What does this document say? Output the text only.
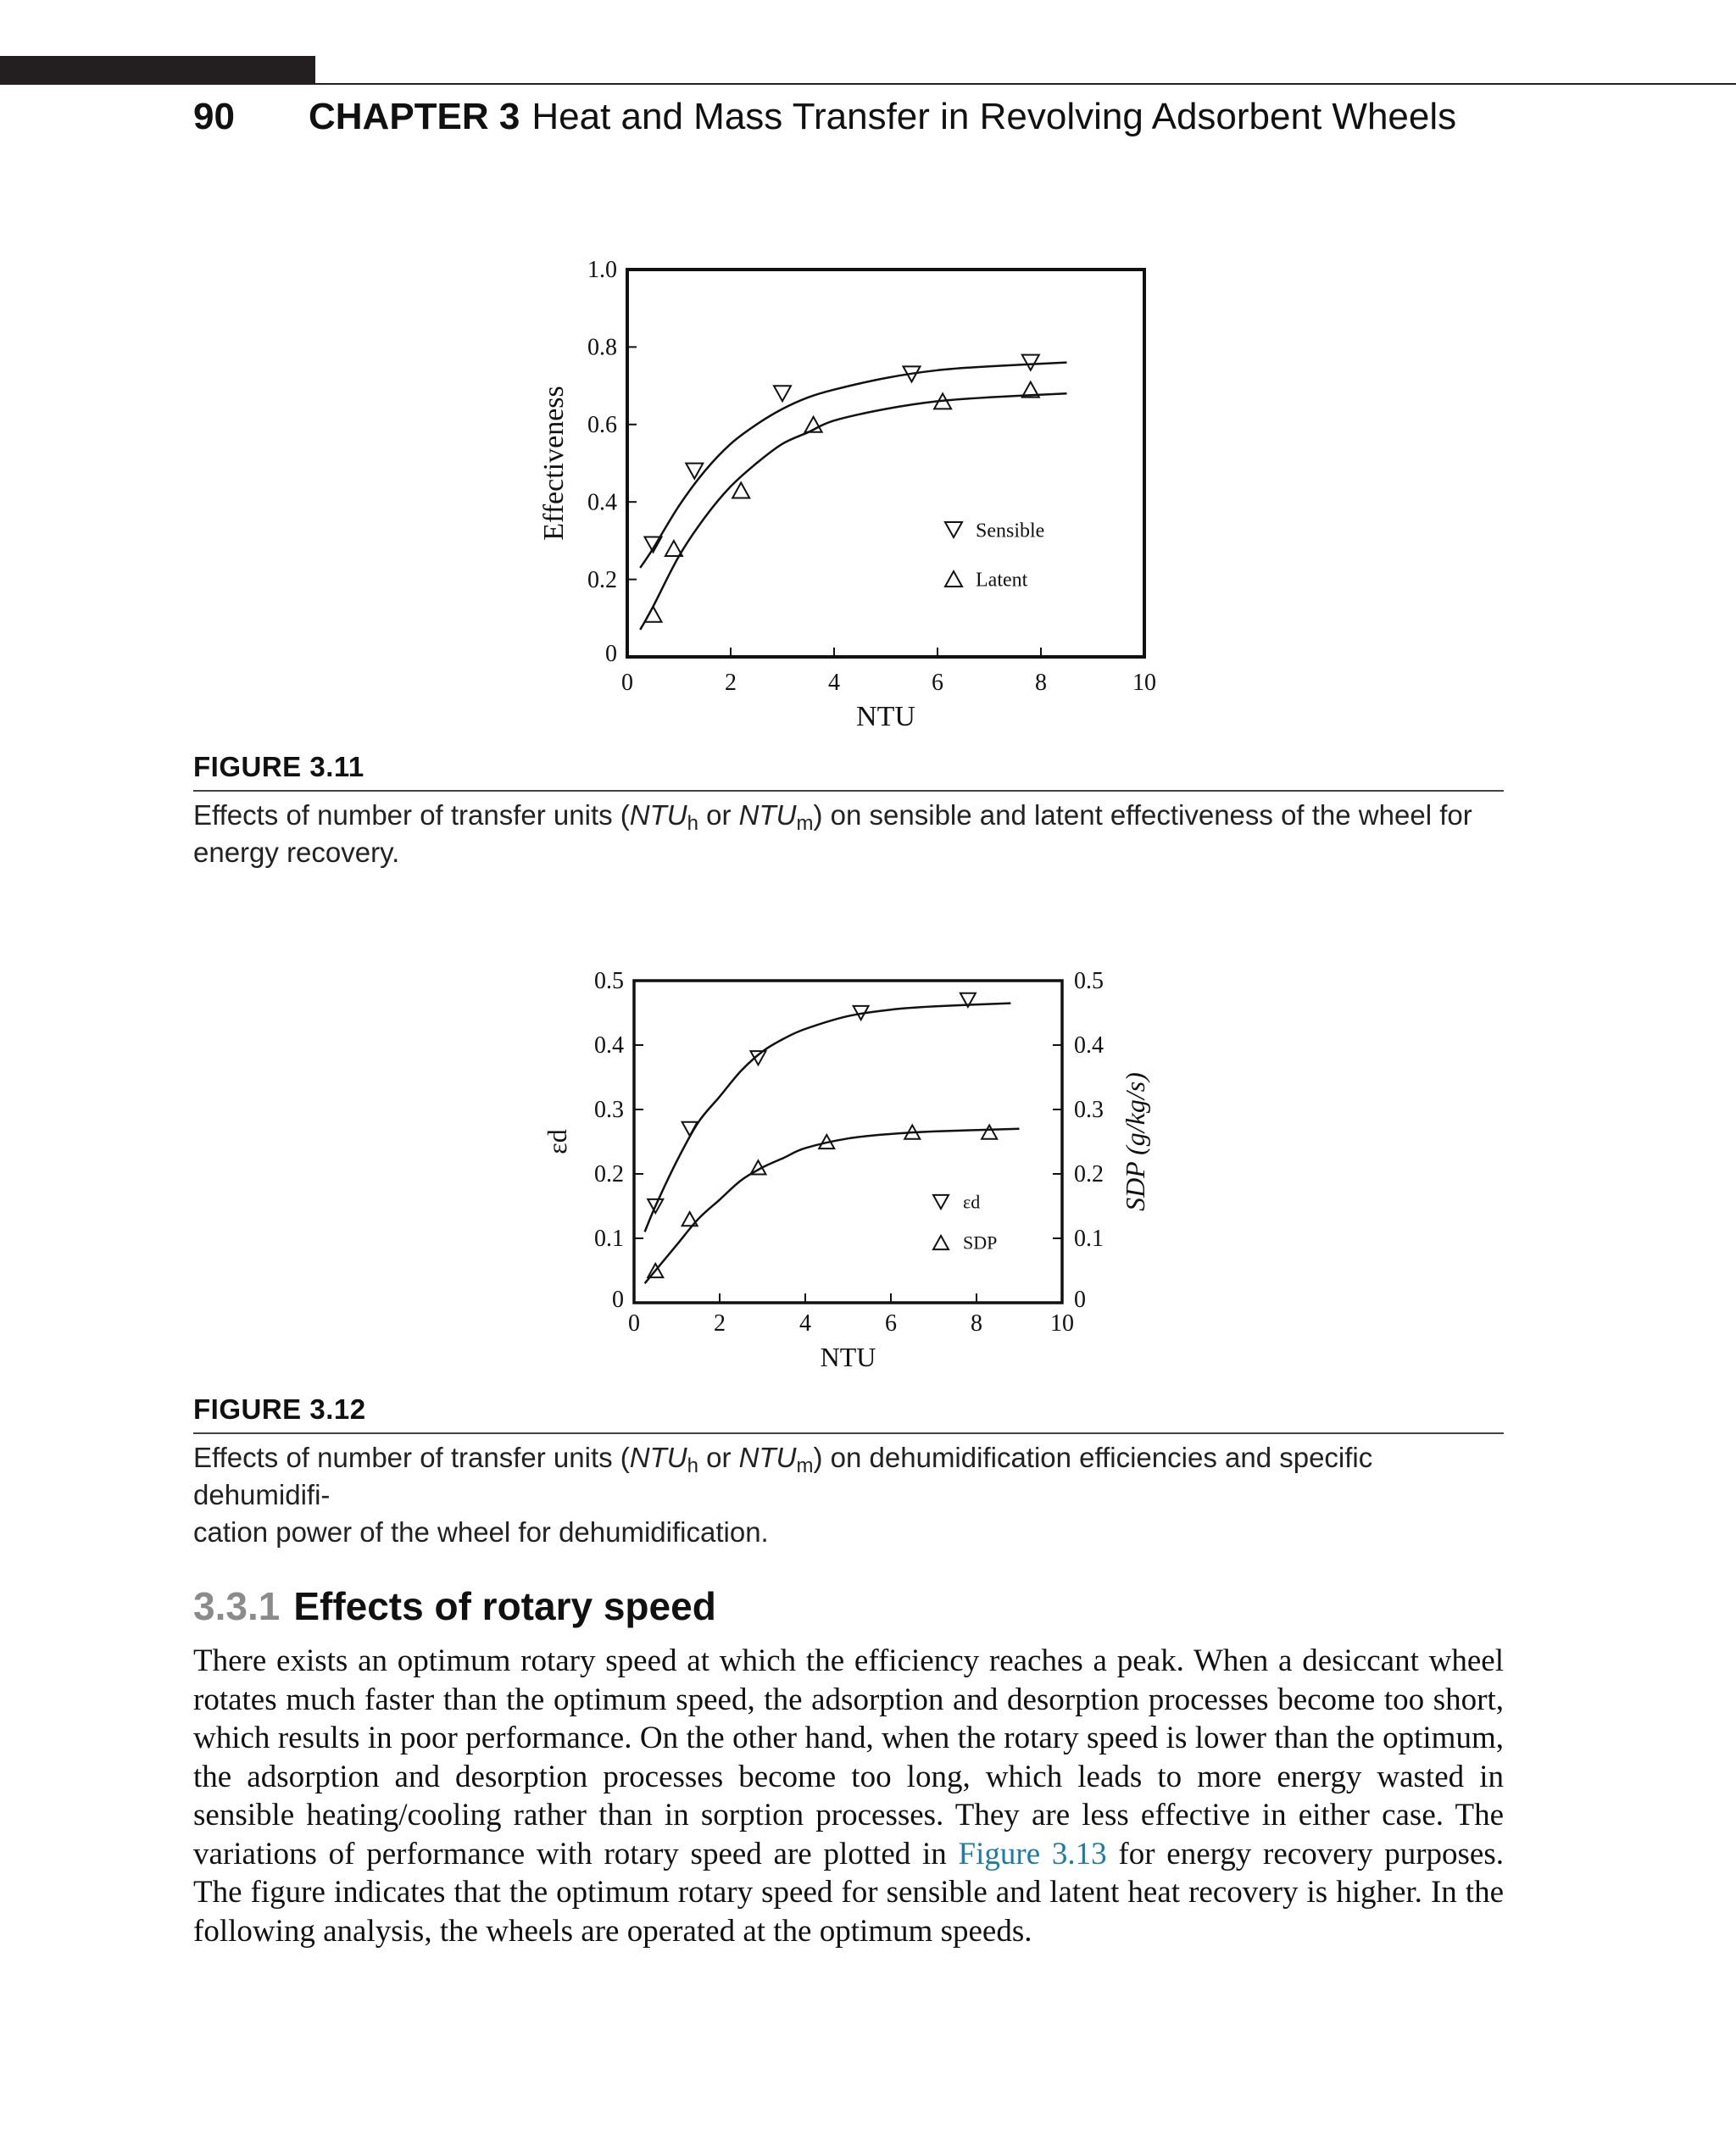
90 CHAPTER 3 Heat and Mass Transfer in Revolving Adsorbent Wheels
0	2	4	6	8	10
0
0.2
0.4
0.6
0.8
1.0
NTU
Effectiveness	Sensible
Latent
FIGURE 3.11
Effects of number of transfer units ($NTU_h$ or $NTU_m$) on sensible and latent effectiveness of the wheel for
energy recovery.
0	2	4	6	8	10
0	0
0.1	0.1
0.2	0.2
0.3	0.3
0.4	0.4
0.5	0.5
NTU
εd	SDP (g/kg/s)
εd
SDP
FIGURE 3.12
Effects of number of transfer units ($NTU_h$ or $NTU_m$) on dehumidification efficiencies and specific dehumidifi-
cation power of the wheel for dehumidification.
3.3.1 Effects of rotary speed
There exists an optimum rotary speed at which the efficiency reaches a peak. When a desiccant wheel rotates much faster than the optimum speed, the adsorption and desorption processes become too short, which results in poor performance. On the other hand, when the rotary speed is lower than the optimum, the adsorption and desorption processes become too long, which leads to more energy wasted in sensible heating/cooling rather than in sorption processes. They are less effective in either case. The variations of performance with rotary speed are plotted in Figure 3.13 for energy recovery purposes. The figure indicates that the optimum rotary speed for sensible and latent heat recovery is higher. In the following analysis, the wheels are operated at the optimum speeds.
